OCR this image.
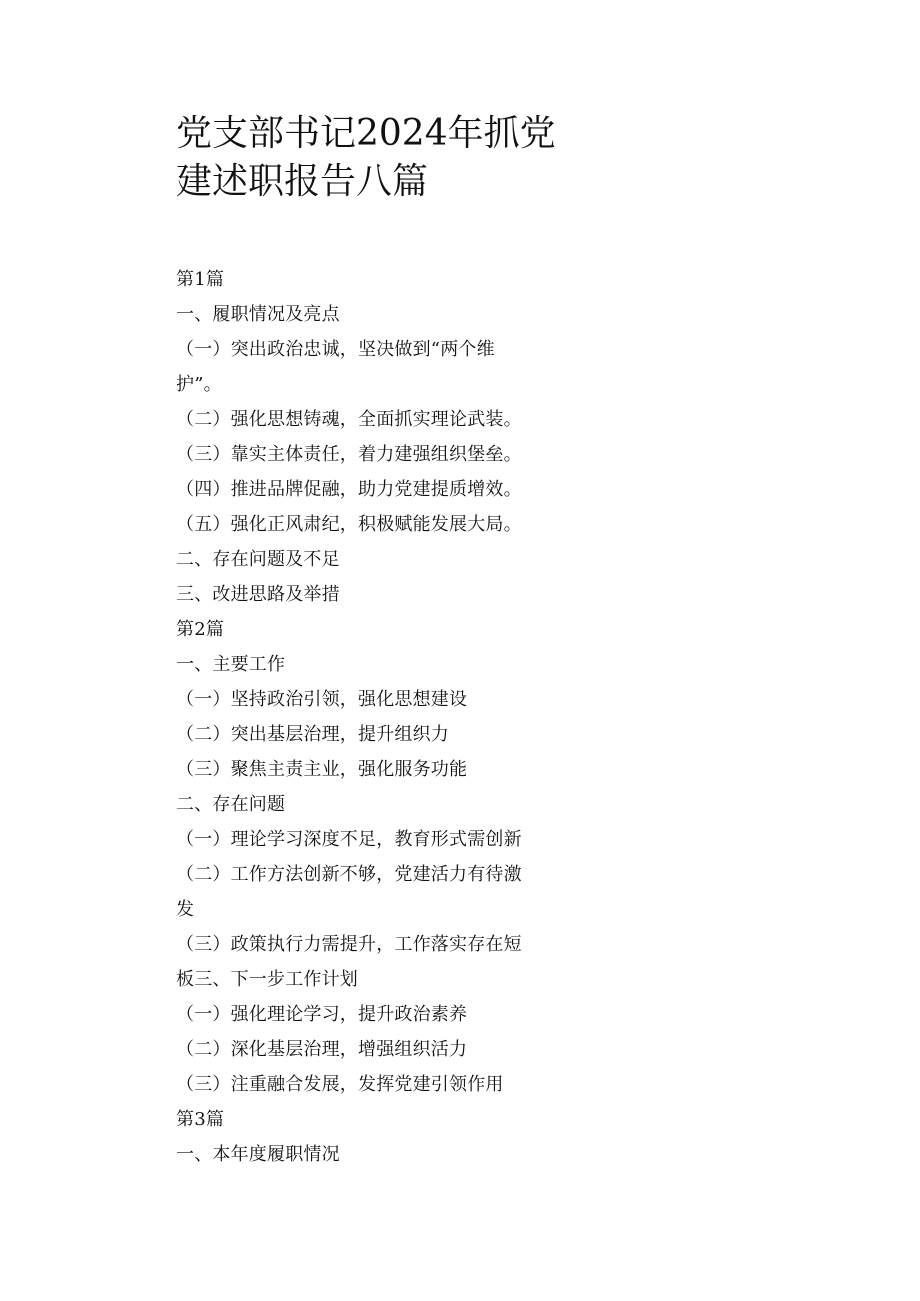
党支部书记2024年抓党
建述职报告八篇
第1篇
一、履职情况及亮点
（一）突出政治忠诚，坚决做到“两个维
护”。
（二）强化思想铸魂，全面抓实理论武装。
（三）靠实主体责任，着力建强组织堡垒。
（四）推进品牌促融，助力党建提质增效。
（五）强化正风肃纪，积极赋能发展大局。
二、存在问题及不足
三、改进思路及举措
第2篇
一、主要工作
（一）坚持政治引领，强化思想建设
（二）突出基层治理，提升组织力
（三）聚焦主责主业，强化服务功能
二、存在问题
（一）理论学习深度不足，教育形式需创新
（二）工作方法创新不够，党建活力有待激
发
（三）政策执行力需提升，工作落实存在短
板三、下一步工作计划
（一）强化理论学习，提升政治素养
（二）深化基层治理，增强组织活力
（三）注重融合发展，发挥党建引领作用
第3篇
一、本年度履职情况
